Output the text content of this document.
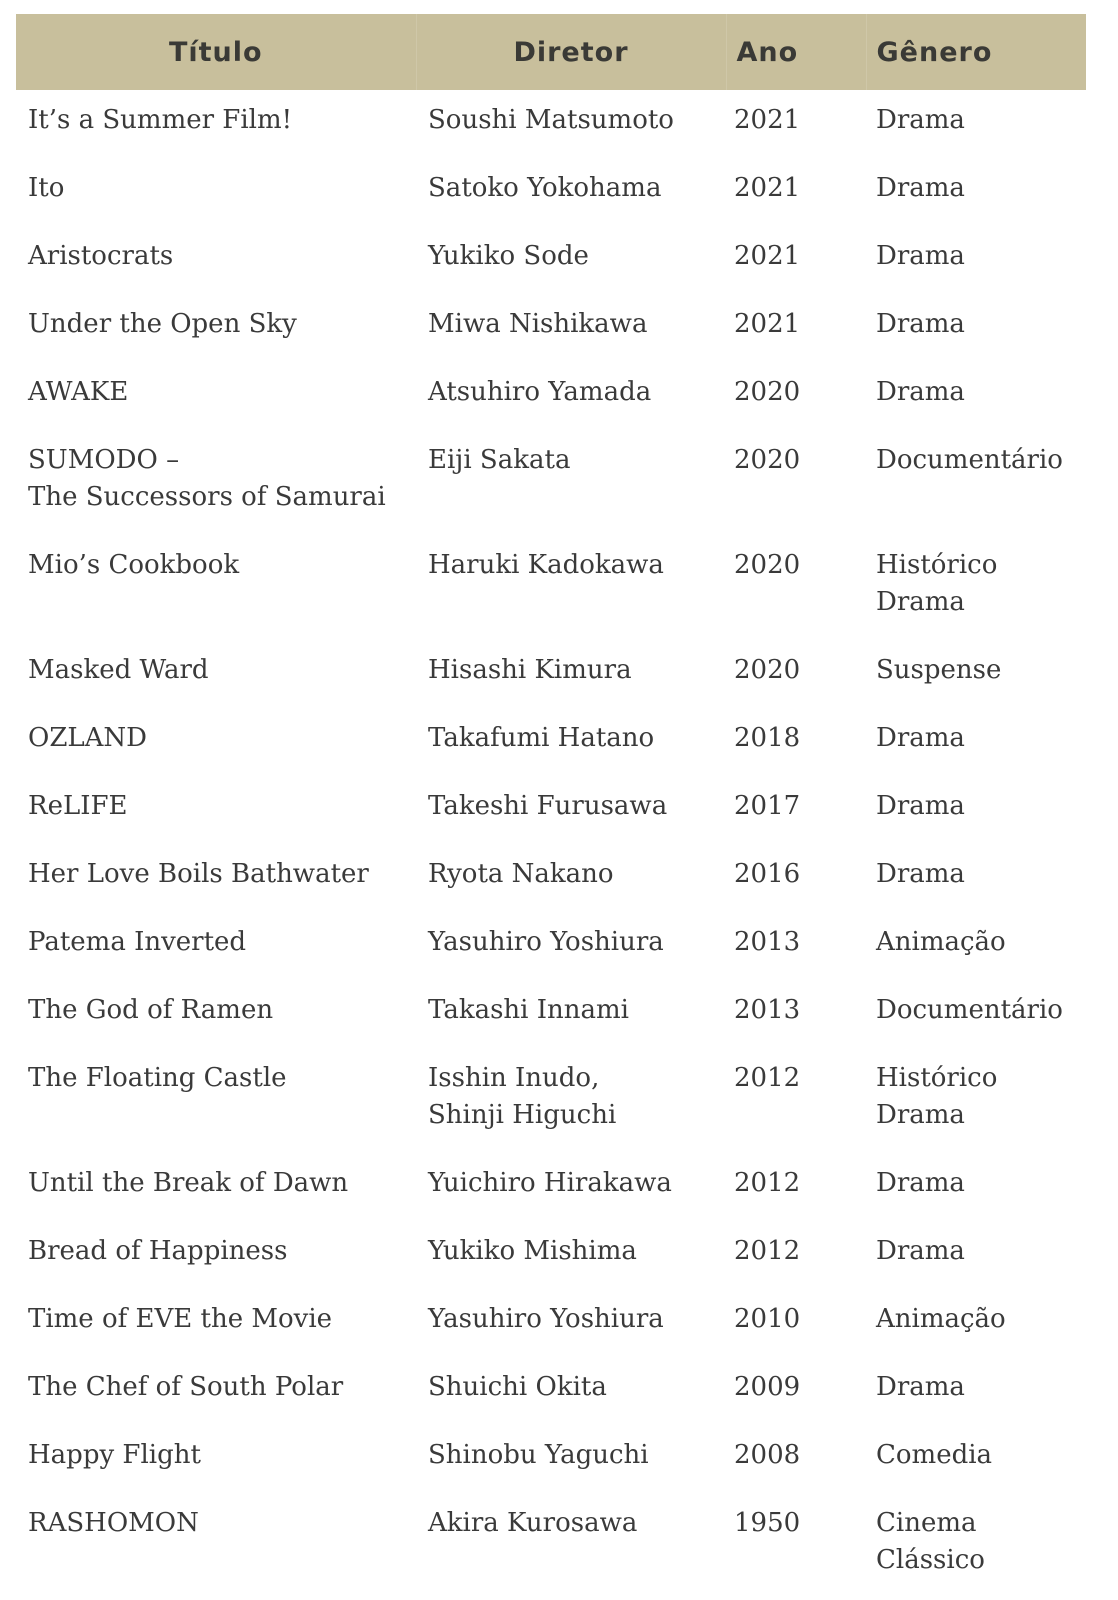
Título	Diretor	Ano	Gênero

It’s a Summer Film!	Soushi Matsumoto	2021	Drama

Ito	Satoko Yokohama	2021	Drama

Aristocrats	Yukiko Sode	2021	Drama

Under the Open Sky	Miwa Nishikawa	2021	Drama

AWAKE	Atsuhiro Yamada	2020	Drama

SUMODO –
The Successors of Samurai	Eiji Sakata	2020	Documentário

Mio’s Cookbook	Haruki Kadokawa	2020	Histórico
Drama

Masked Ward	Hisashi Kimura	2020	Suspense

OZLAND	Takafumi Hatano	2018	Drama

ReLIFE	Takeshi Furusawa	2017	Drama

Her Love Boils Bathwater	Ryota Nakano	2016	Drama

Patema Inverted	Yasuhiro Yoshiura	2013	Animação

The God of Ramen	Takashi Innami	2013	Documentário

The Floating Castle	Isshin Inudo,
Shinji Higuchi	2012	Histórico
Drama

Until the Break of Dawn	Yuichiro Hirakawa	2012	Drama

Bread of Happiness	Yukiko Mishima	2012	Drama

Time of EVE the Movie	Yasuhiro Yoshiura	2010	Animação

The Chef of South Polar	Shuichi Okita	2009	Drama

Happy Flight	Shinobu Yaguchi	2008	Comedia

RASHOMON	Akira Kurosawa	1950	Cinema
Clássico
